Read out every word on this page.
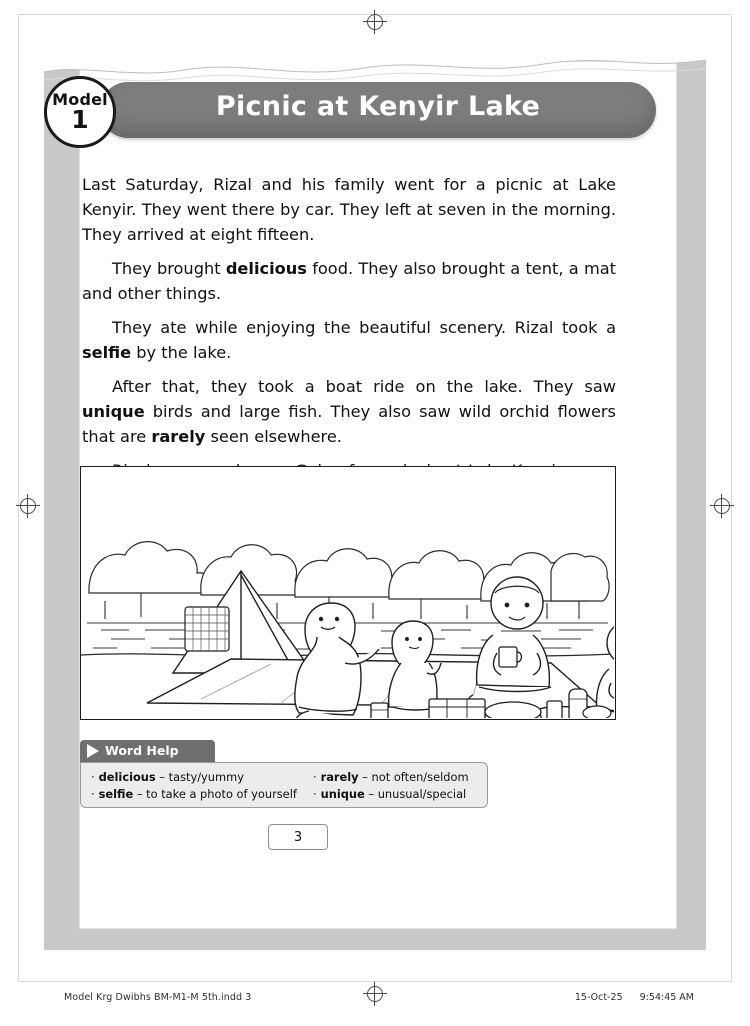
Picnic at Kenyir Lake
Model
1

Last Saturday, Rizal and his family went for a picnic at Lake Kenyir. They went there by car. They left at seven in the morning. They arrived at eight fifteen.

They brought delicious food. They also brought a tent, a mat and other things.

They ate while enjoying the beautiful scenery. Rizal took a selfie by the lake.

After that, they took a boat ride on the lake. They saw unique birds and large fish. They also saw wild orchid flowers that are rarely seen elsewhere.

Word Help
· delicious – tasty/yummy
· selfie – to take a photo of yourself
· rarely – not often/seldom
· unique – unusual/special
3
Model Krg Dwibhs BM-M1-M 5th.indd 3	15-Oct-25 9:54:45 AM
